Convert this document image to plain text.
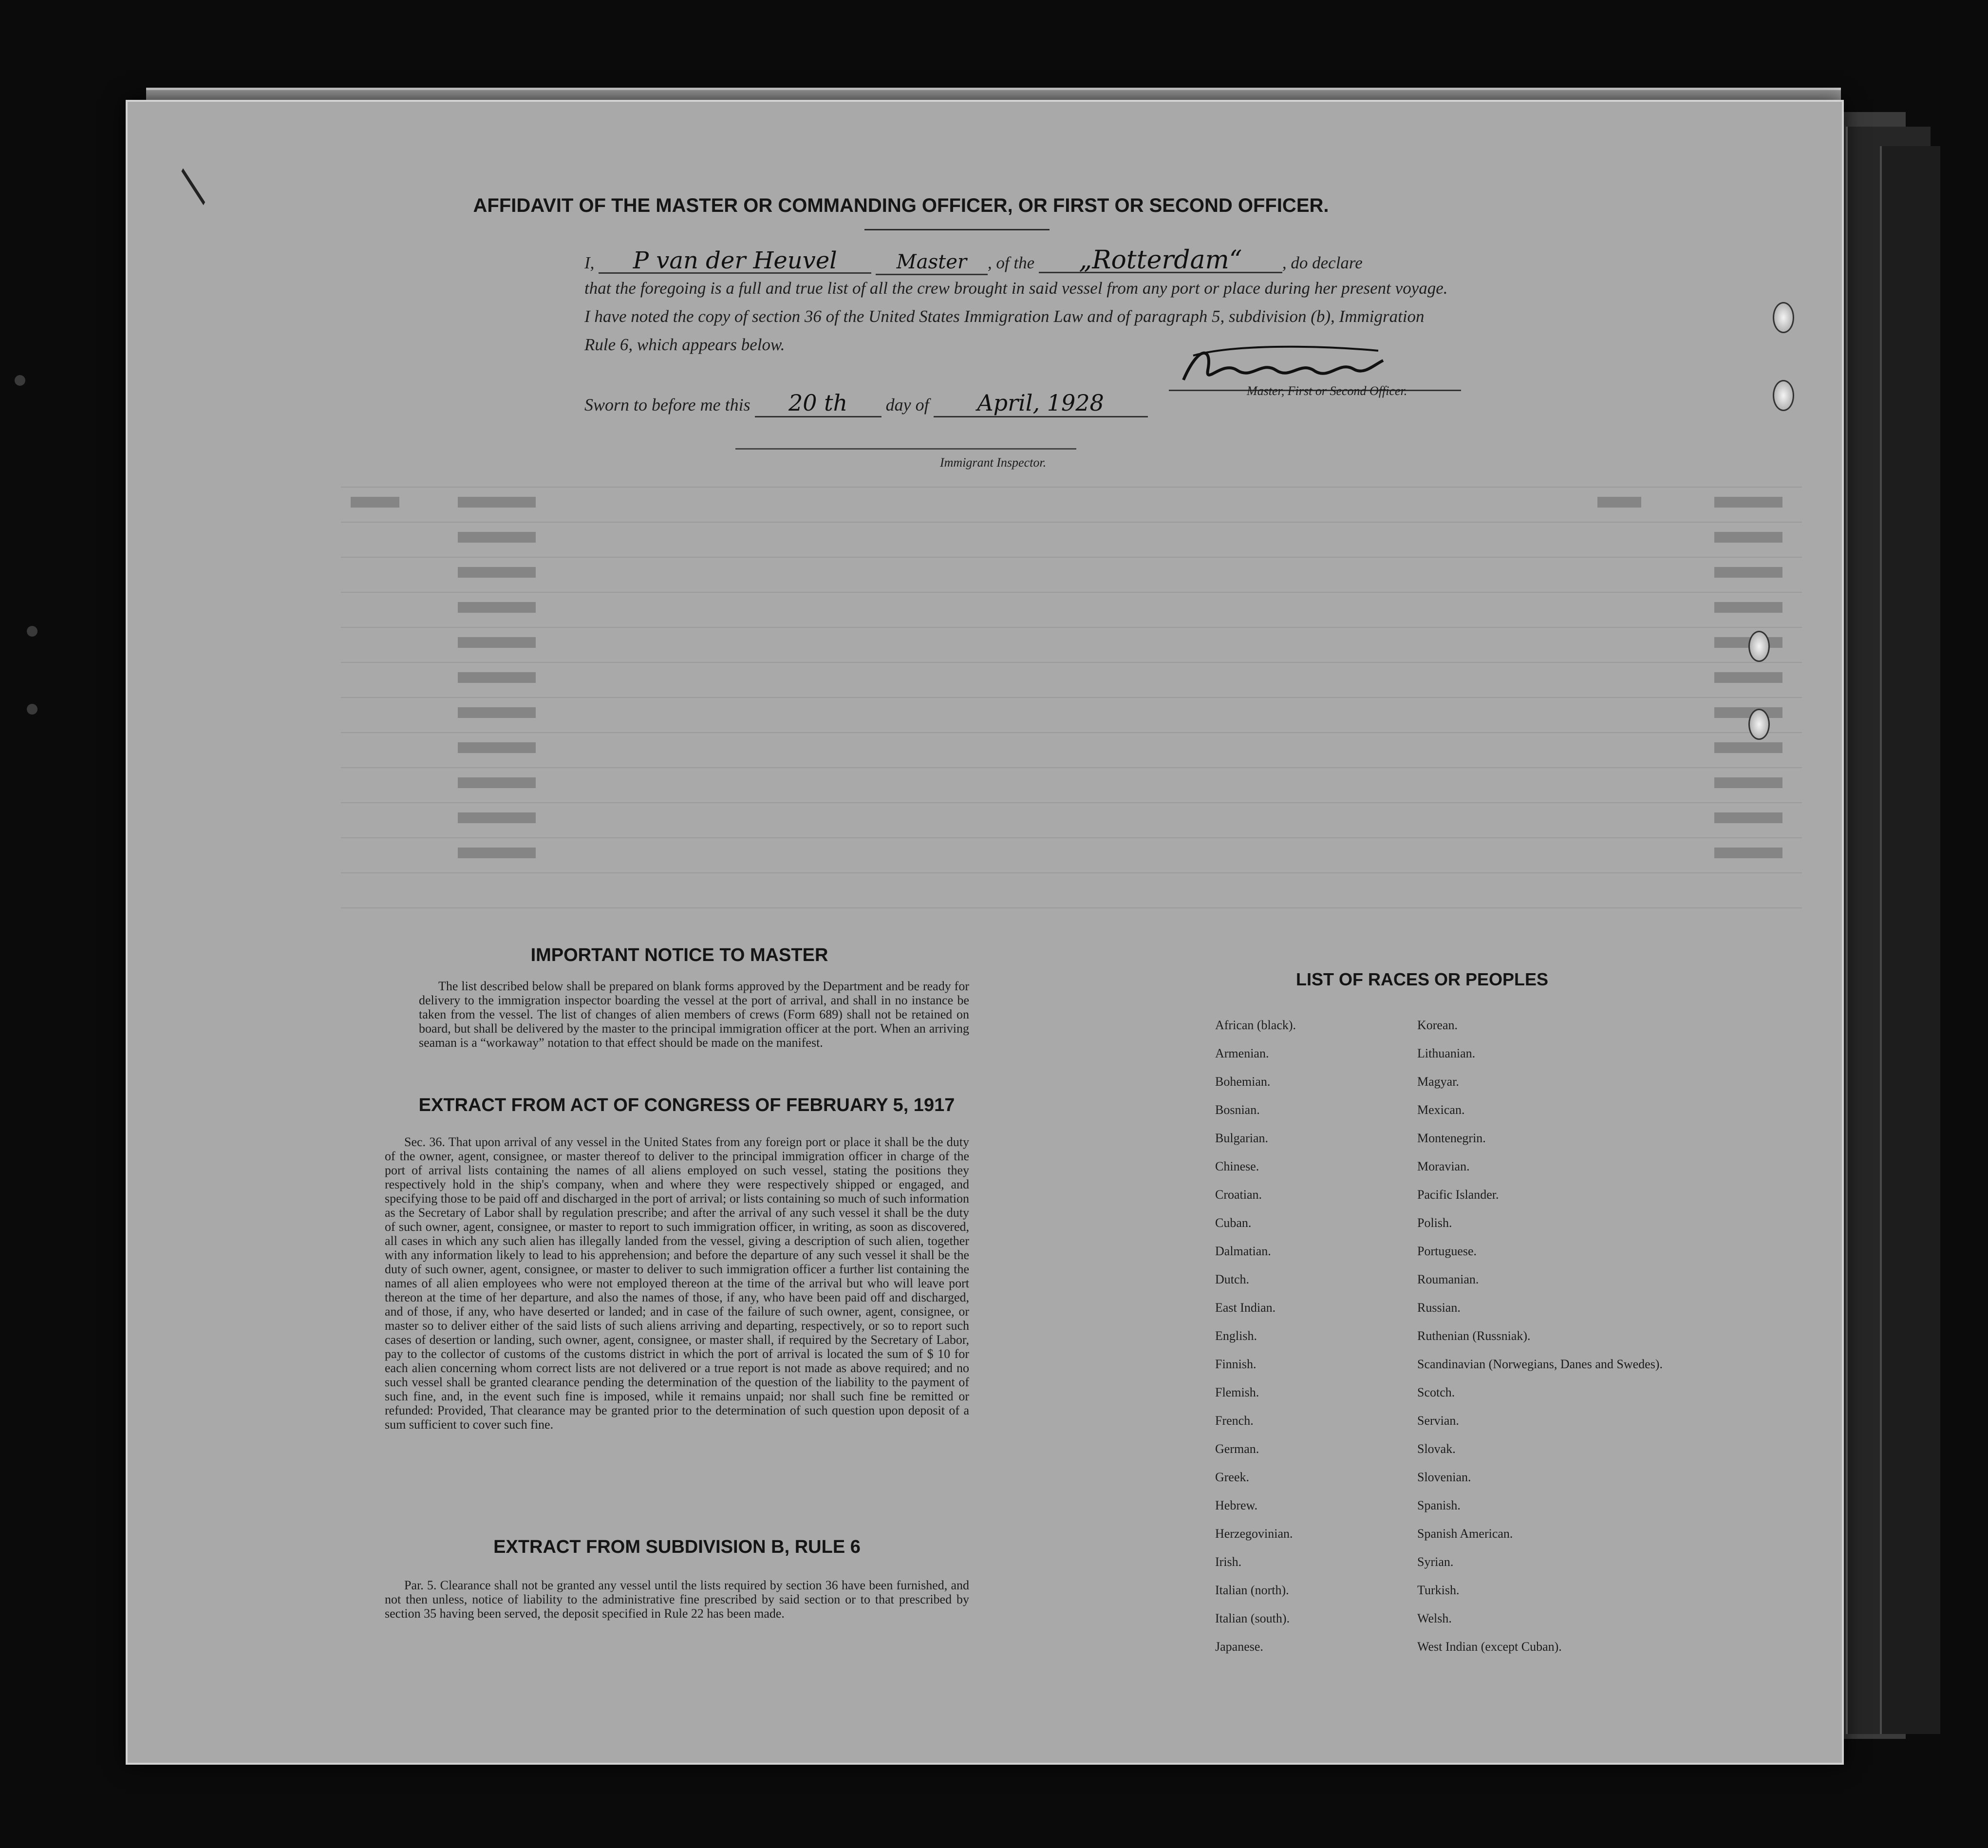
AFFIDAVIT OF THE MASTER OR COMMANDING OFFICER, OR FIRST OR SECOND OFFICER.
I, P van der Heuvel	Master , of the „Rotterdam“ , do declare
that the foregoing is a full and true list of all the crew brought in said vessel from any port or place during her present voyage.
I have noted the copy of section 36 of the United States Immigration Law and of paragraph 5, subdivision (b), Immigration
Rule 6, which appears below.
Sworn to before me this 20 th day of April, 1928	Master, First or Second Officer.
Immigrant Inspector.
IMPORTANT NOTICE TO MASTER
The list described below shall be prepared on blank forms approved by the Department and be ready for delivery to the immigration inspector boarding the vessel at the port of arrival, and shall in no instance be taken from the vessel. The list of changes of alien members of crews (Form 689) shall not be retained on board, but shall be delivered by the master to the principal immigration officer at the port. When an arriving seaman is a “workaway” notation to that effect should be made on the manifest.
EXTRACT FROM ACT OF CONGRESS OF FEBRUARY 5, 1917
Sec. 36. That upon arrival of any vessel in the United States from any foreign port or place it shall be the duty of the owner, agent, consignee, or master thereof to deliver to the principal immigration officer in charge of the port of arrival lists containing the names of all aliens employed on such vessel, stating the positions they respectively hold in the ship's company, when and where they were respectively shipped or engaged, and specifying those to be paid off and discharged in the port of arrival; or lists containing so much of such information as the Secretary of Labor shall by regulation prescribe; and after the arrival of any such vessel it shall be the duty of such owner, agent, consignee, or master to report to such immigration officer, in writing, as soon as discovered, all cases in which any such alien has illegally landed from the vessel, giving a description of such alien, together with any information likely to lead to his apprehension; and before the departure of any such vessel it shall be the duty of such owner, agent, consignee, or master to deliver to such immigration officer a further list containing the names of all alien employees who were not employed thereon at the time of the arrival but who will leave port thereon at the time of her departure, and also the names of those, if any, who have been paid off and discharged, and of those, if any, who have deserted or landed; and in case of the failure of such owner, agent, consignee, or master so to deliver either of the said lists of such aliens arriving and departing, respectively, or so to report such cases of desertion or landing, such owner, agent, consignee, or master shall, if required by the Secretary of Labor, pay to the collector of customs of the customs district in which the port of arrival is located the sum of $ 10 for each alien concerning whom correct lists are not delivered or a true report is not made as above required; and no such vessel shall be granted clearance pending the determination of the question of the liability to the payment of such fine, and, in the event such fine is imposed, while it remains unpaid; nor shall such fine be remitted or refunded: Provided, That clearance may be granted prior to the determination of such question upon deposit of a sum sufficient to cover such fine.
EXTRACT FROM SUBDIVISION B, RULE 6
Par. 5. Clearance shall not be granted any vessel until the lists required by section 36 have been furnished, and not then unless, notice of liability to the administrative fine prescribed by said section or to that prescribed by section 35 having been served, the deposit specified in Rule 22 has been made.
LIST OF RACES OR PEOPLES
African (black).
Armenian.
Bohemian.
Bosnian.
Bulgarian.
Chinese.
Croatian.
Cuban.
Dalmatian.
Dutch.
East Indian.
English.
Finnish.
Flemish.
French.
German.
Greek.
Hebrew.
Herzegovinian.
Irish.
Italian (north).
Italian (south).
Japanese.
Korean.
Lithuanian.
Magyar.
Mexican.
Montenegrin.
Moravian.
Pacific Islander.
Polish.
Portuguese.
Roumanian.
Russian.
Ruthenian (Russniak).
Scandinavian (Norwegians, Danes and Swedes).
Scotch.
Servian.
Slovak.
Slovenian.
Spanish.
Spanish American.
Syrian.
Turkish.
Welsh.
West Indian (except Cuban).
/
